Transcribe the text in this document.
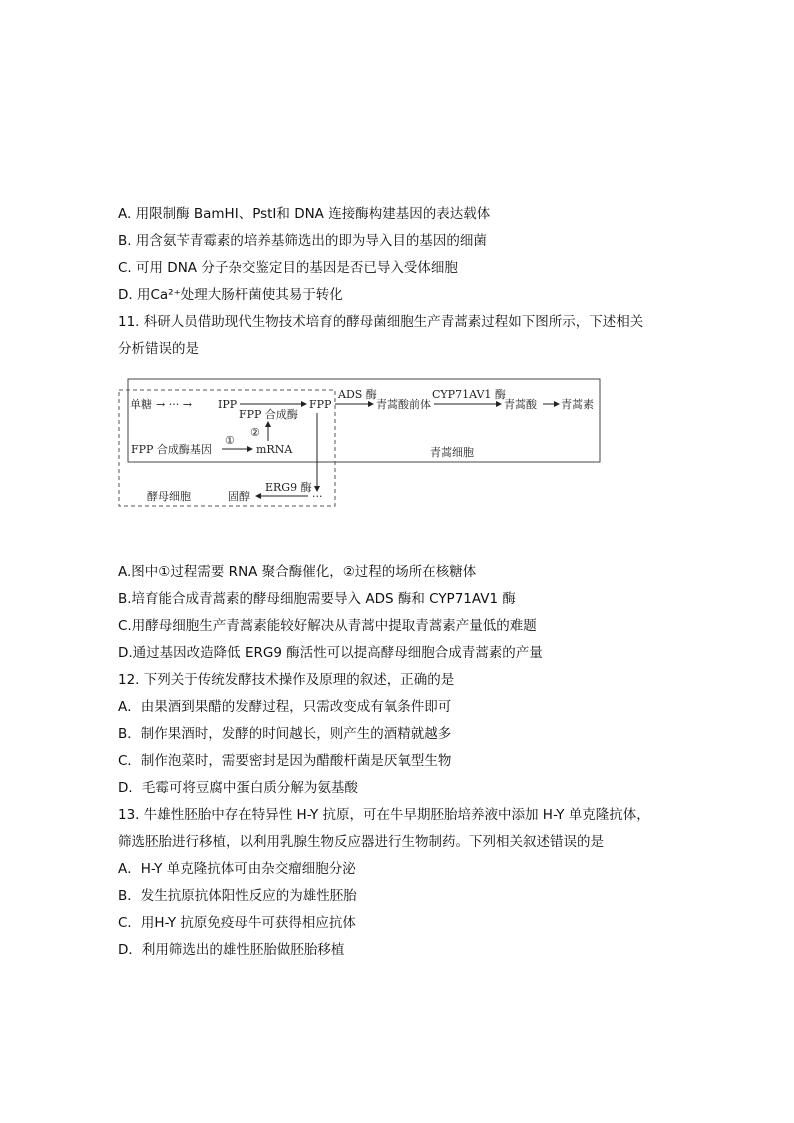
A. 用限制酶 BamHⅠ、PstⅠ和 DNA 连接酶构建基因的表达载体
B. 用含氨苄青霉素的培养基筛选出的即为导入目的基因的细菌
C. 可用 DNA 分子杂交鉴定目的基因是否已导入受体细胞
D. 用Ca²⁺处理大肠杆菌使其易于转化
11. 科研人员借助现代生物技术培育的酵母菌细胞生产青蒿素过程如下图所示，下述相关
分析错误的是
单糖 → ··· → IPP	FPP
FPP 合成酶
ADS 酶
青蒿酸前体
CYP71AV1 酶
青蒿酸 青蒿素
FPP 合成酶基因
①
mRNA
②
青蒿细胞
···
ERG9 酶
固醇
酵母细胞
A.图中①过程需要 RNA 聚合酶催化，②过程的场所在核糖体
B.培育能合成青蒿素的酵母细胞需要导入 ADS 酶和 CYP71AV1 酶
C.用酵母细胞生产青蒿素能较好解决从青蒿中提取青蒿素产量低的难题
D.通过基因改造降低 ERG9 酶活性可以提高酵母细胞合成青蒿素的产量
12. 下列关于传统发酵技术操作及原理的叙述，正确的是
A．由果酒到果醋的发酵过程，只需改变成有氧条件即可
B．制作果酒时，发酵的时间越长，则产生的酒精就越多
C．制作泡菜时，需要密封是因为醋酸杆菌是厌氧型生物
D．毛霉可将豆腐中蛋白质分解为氨基酸
13. 牛雄性胚胎中存在特异性 H-Y 抗原，可在牛早期胚胎培养液中添加 H-Y 单克隆抗体，
筛选胚胎进行移植，以利用乳腺生物反应器进行生物制药。下列相关叙述错误的是
A．H-Y 单克隆抗体可由杂交瘤细胞分泌
B．发生抗原抗体阳性反应的为雄性胚胎
C．用H-Y 抗原免疫母牛可获得相应抗体
D．利用筛选出的雄性胚胎做胚胎移植
